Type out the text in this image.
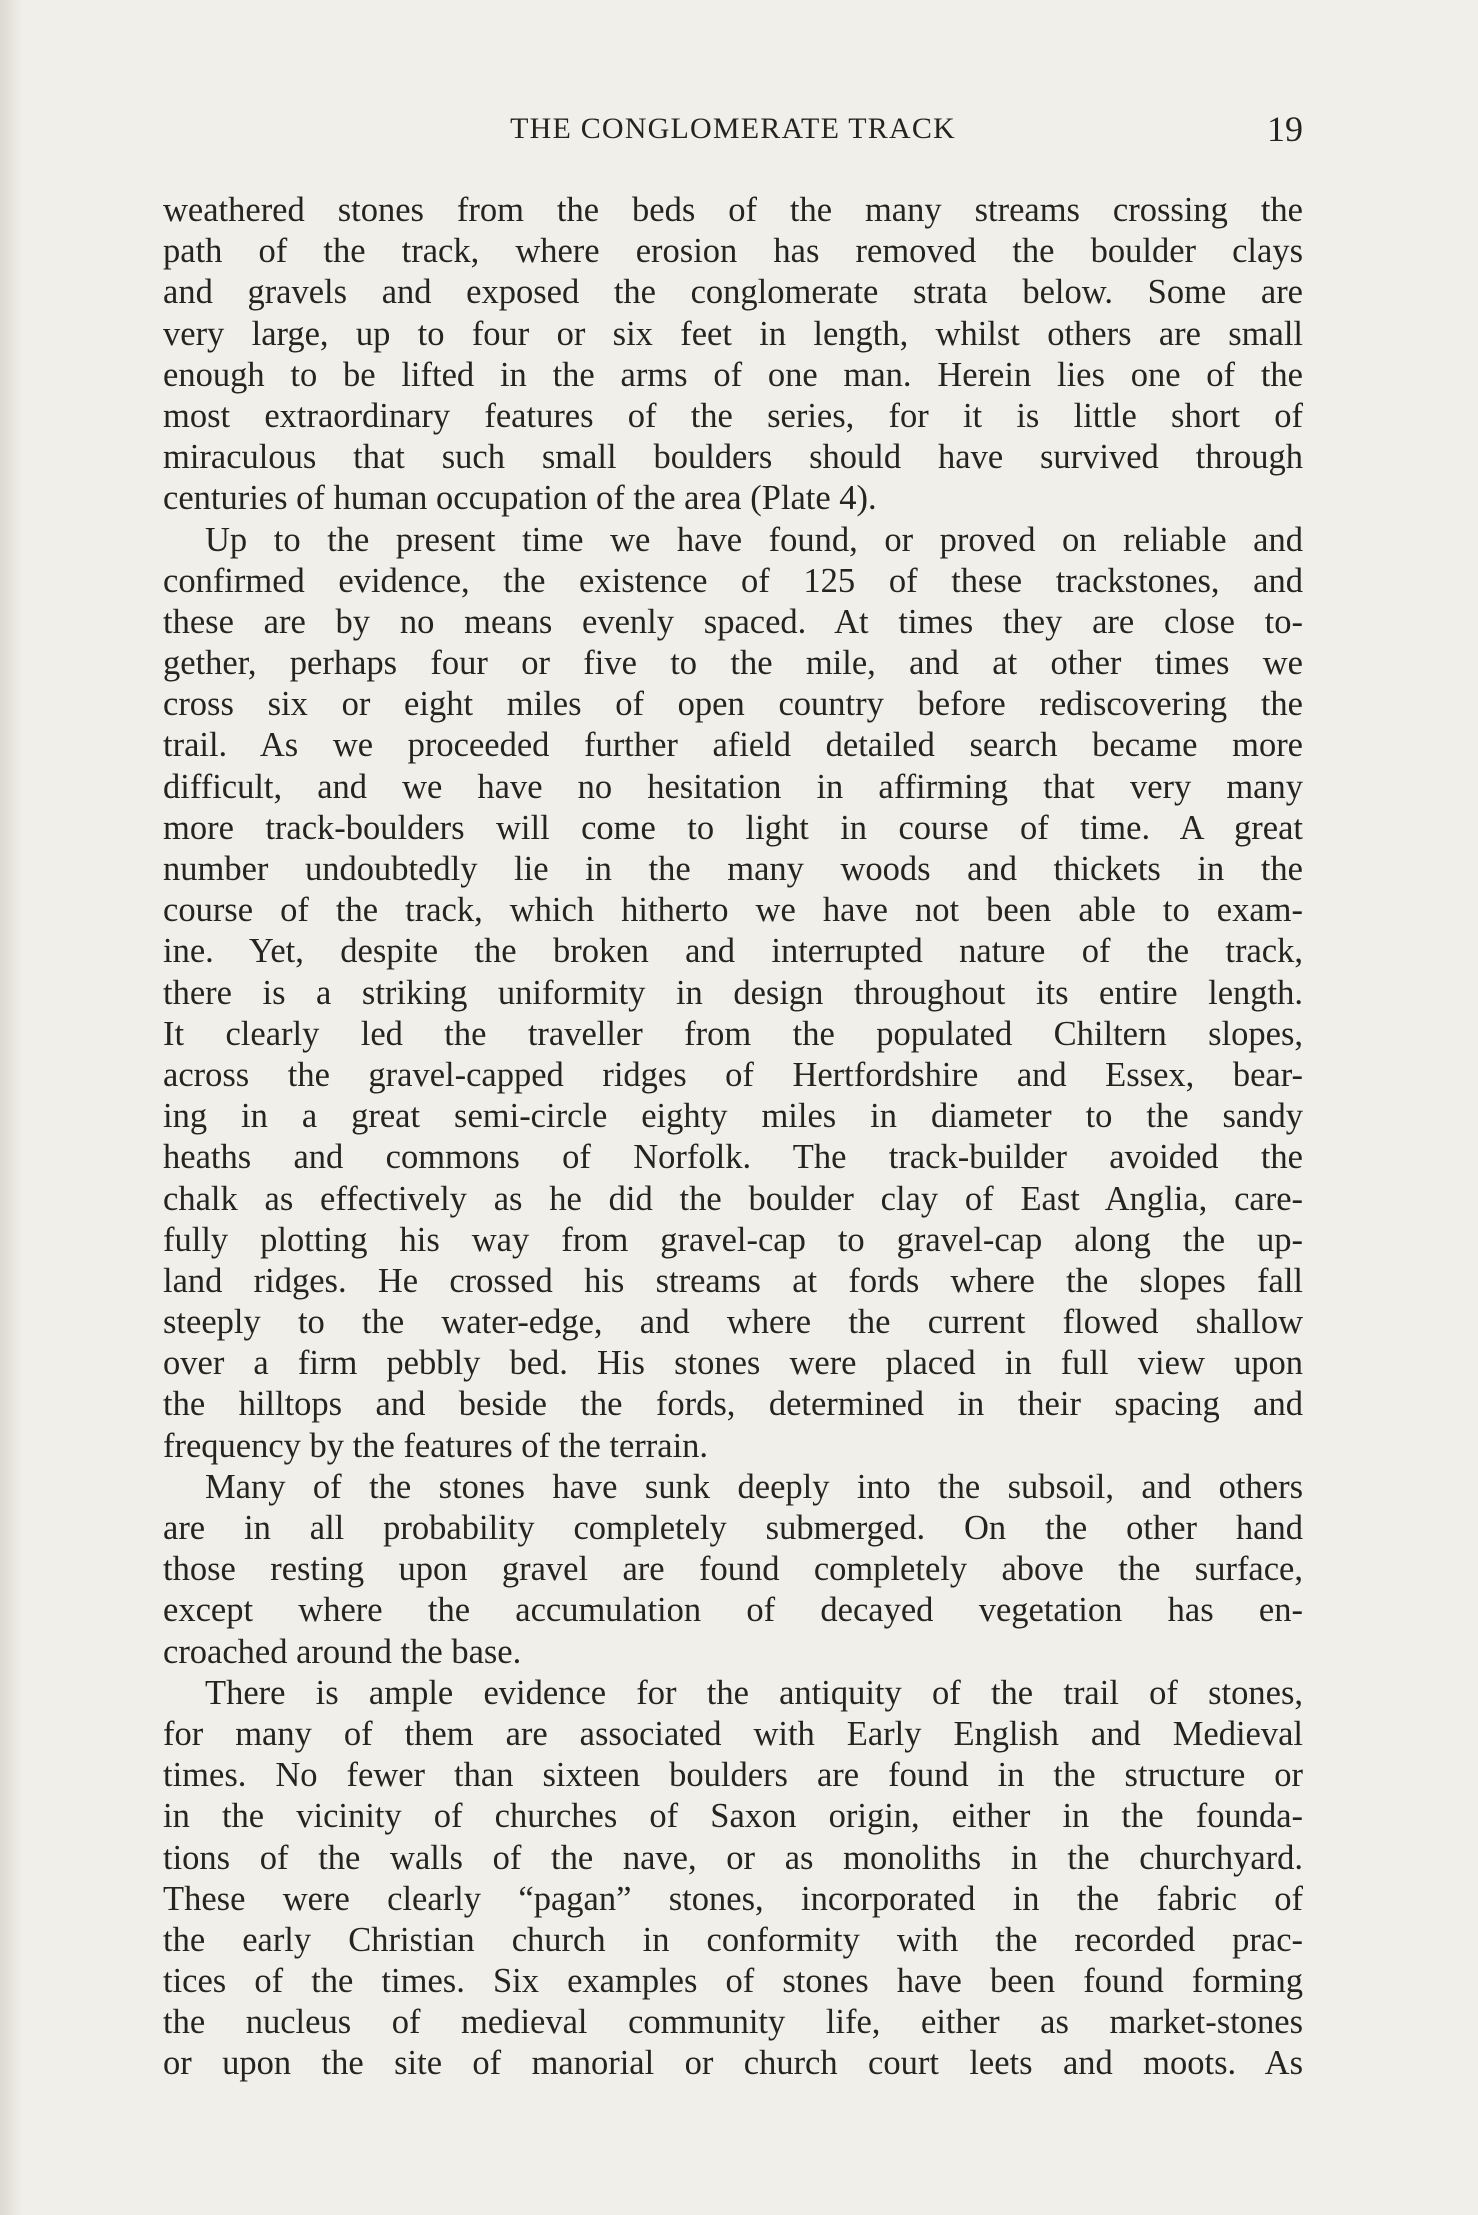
THE CONGLOMERATE TRACK	19
weathered stones from the beds of the many streams crossing the
path of the track, where erosion has removed the boulder clays
and gravels and exposed the conglomerate strata below. Some are
very large, up to four or six feet in length, whilst others are small
enough to be lifted in the arms of one man. Herein lies one of the
most extraordinary features of the series, for it is little short of
miraculous that such small boulders should have survived through
centuries of human occupation of the area (Plate 4).
Up to the present time we have found, or proved on reliable and
confirmed evidence, the existence of 125 of these trackstones, and
these are by no means evenly spaced. At times they are close to-
gether, perhaps four or five to the mile, and at other times we
cross six or eight miles of open country before rediscovering the
trail. As we proceeded further afield detailed search became more
difficult, and we have no hesitation in affirming that very many
more track-boulders will come to light in course of time. A great
number undoubtedly lie in the many woods and thickets in the
course of the track, which hitherto we have not been able to exam-
ine. Yet, despite the broken and interrupted nature of the track,
there is a striking uniformity in design throughout its entire length.
It clearly led the traveller from the populated Chiltern slopes,
across the gravel-capped ridges of Hertfordshire and Essex, bear-
ing in a great semi-circle eighty miles in diameter to the sandy
heaths and commons of Norfolk. The track-builder avoided the
chalk as effectively as he did the boulder clay of East Anglia, care-
fully plotting his way from gravel-cap to gravel-cap along the up-
land ridges. He crossed his streams at fords where the slopes fall
steeply to the water-edge, and where the current flowed shallow
over a firm pebbly bed. His stones were placed in full view upon
the hilltops and beside the fords, determined in their spacing and
frequency by the features of the terrain.
Many of the stones have sunk deeply into the subsoil, and others
are in all probability completely submerged. On the other hand
those resting upon gravel are found completely above the surface,
except where the accumulation of decayed vegetation has en-
croached around the base.
There is ample evidence for the antiquity of the trail of stones,
for many of them are associated with Early English and Medieval
times. No fewer than sixteen boulders are found in the structure or
in the vicinity of churches of Saxon origin, either in the founda-
tions of the walls of the nave, or as monoliths in the churchyard.
These were clearly “pagan” stones, incorporated in the fabric of
the early Christian church in conformity with the recorded prac-
tices of the times. Six examples of stones have been found forming
the nucleus of medieval community life, either as market-stones
or upon the site of manorial or church court leets and moots. As
